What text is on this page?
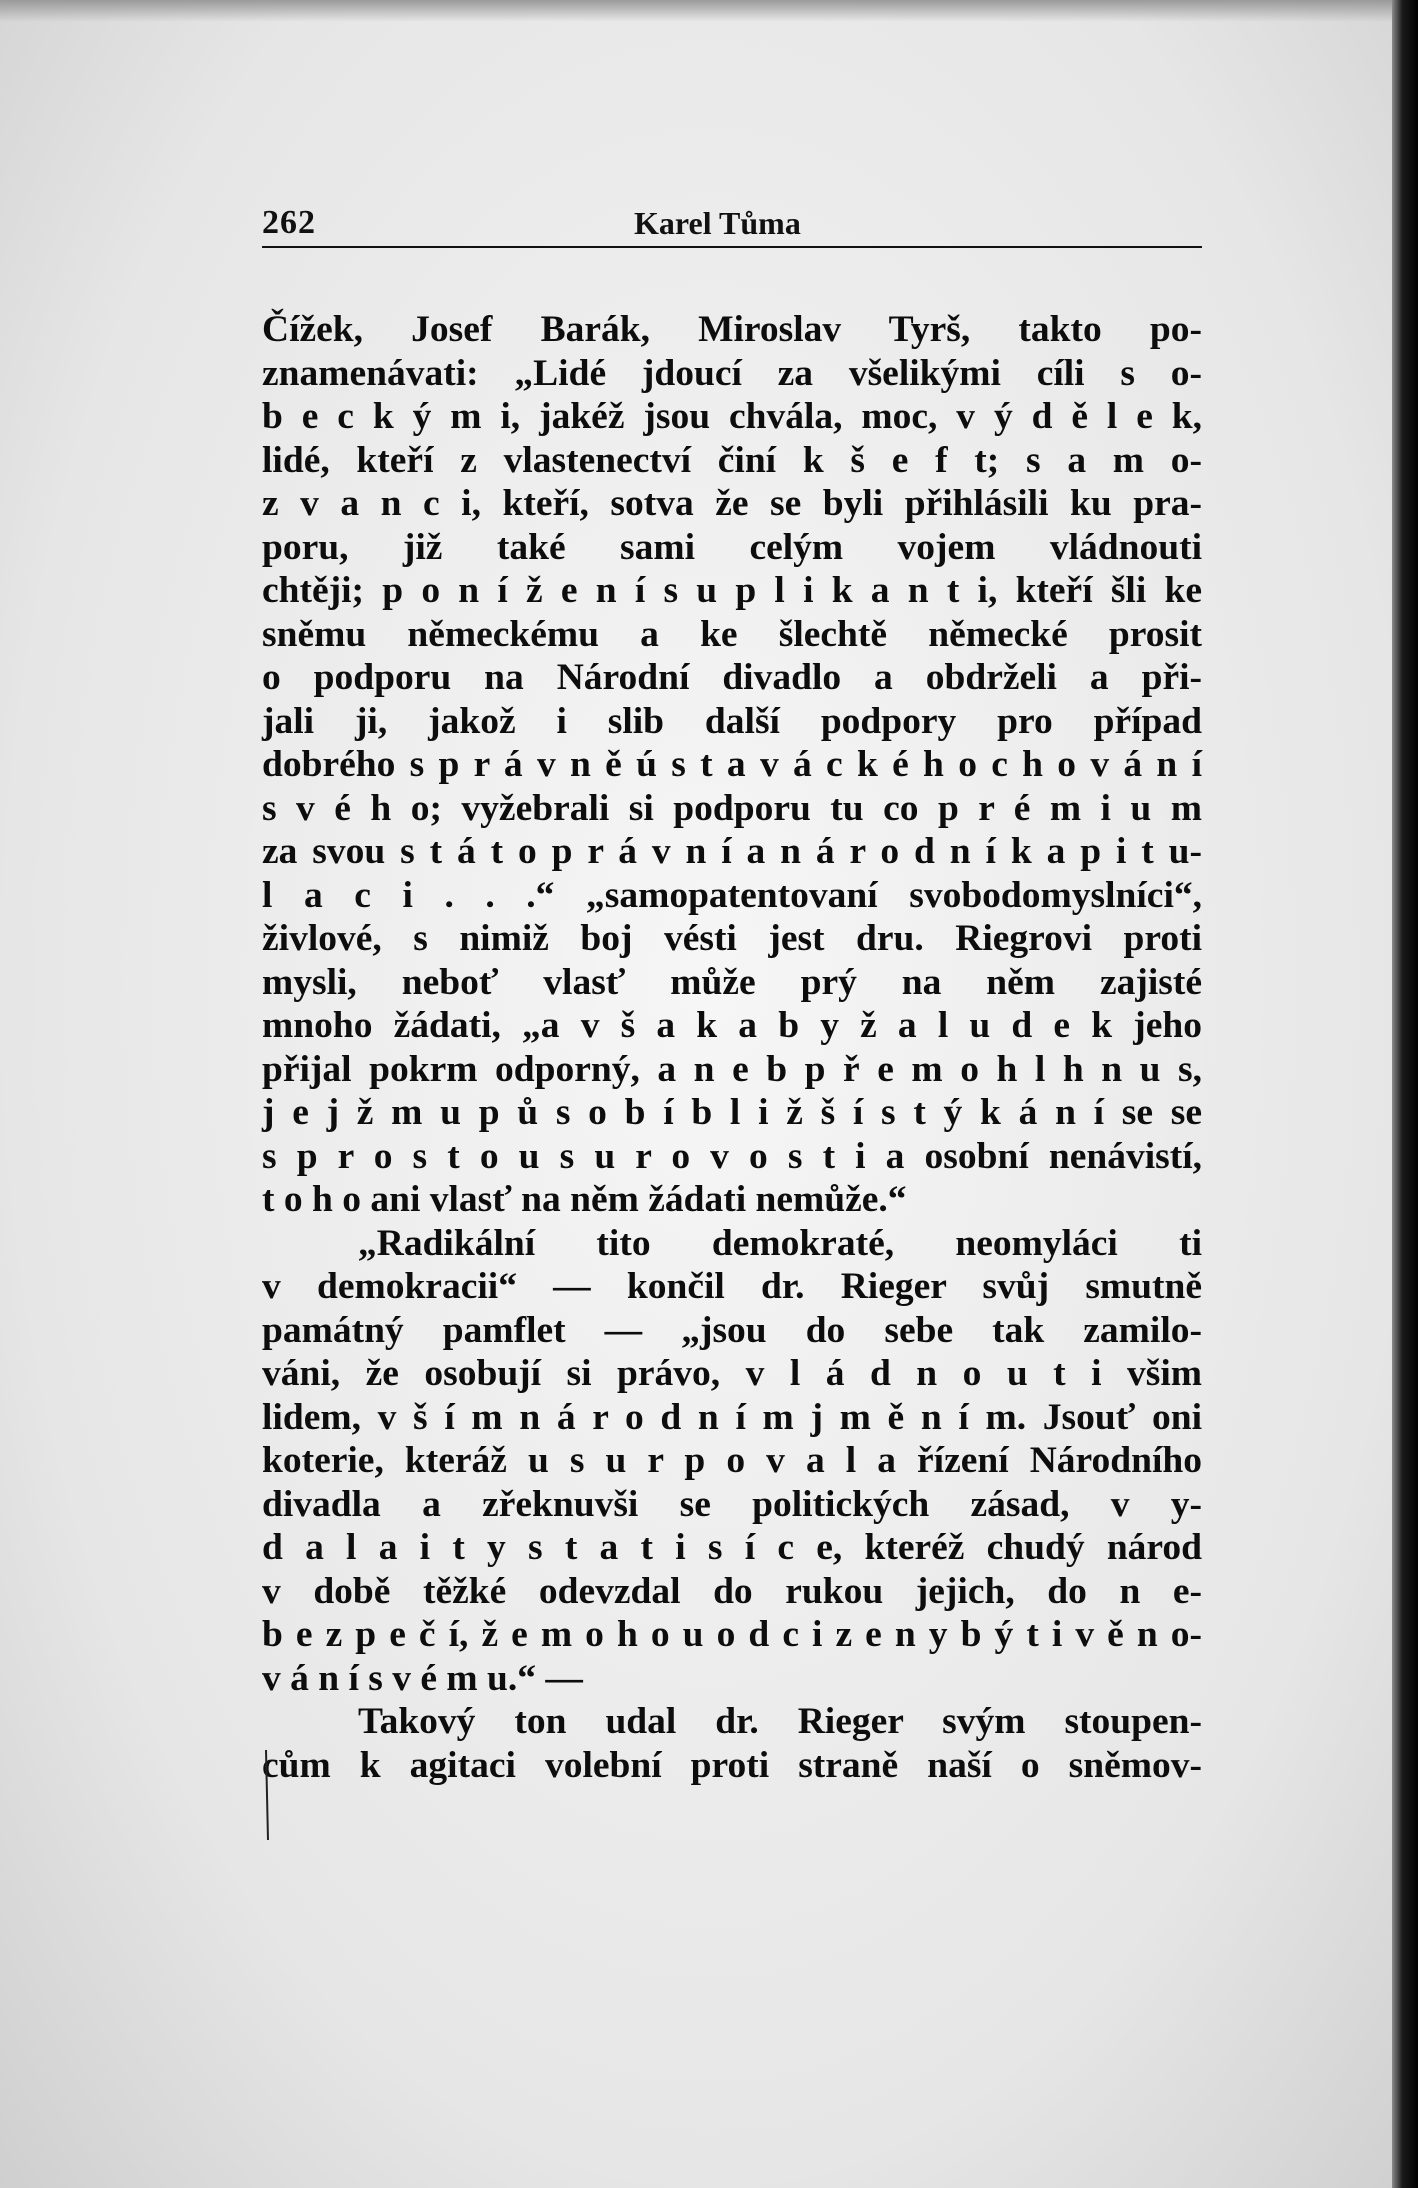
262	Karel Tůma
Čížek, Josef Barák, Miroslav Tyrš, takto po-
znamenávati: „Lidé jdoucí za všelikými cíli s o-
b e c k ý m i, jakéž jsou chvála, moc, v ý d ě l e k,
lidé, kteří z vlastenectví činí k š e f t; s a m o-
z v a n c i, kteří, sotva že se byli přihlásili ku pra-
poru, již také sami celým vojem vládnouti
chtěji; p o n í ž e n í s u p l i k a n t i, kteří šli ke
sněmu německému a ke šlechtě německé prosit
o podporu na Národní divadlo a obdrželi a při-
jali ji, jakož i slib další podpory pro případ
dobrého s p r á v n ě ú s t a v á c k é h o c h o v á n í
s v é h o; vyžebrali si podporu tu co p r é m i u m
za svou s t á t o p r á v n í a n á r o d n í k a p i t u-
l a c i . . .“ „samopatentovaní svobodomyslníci“,
živlové, s nimiž boj vésti jest dru. Riegrovi proti
mysli, neboť vlasť může prý na něm zajisté
mnoho žádati, „a v š a k a b y ž a l u d e k jeho
přijal pokrm odporný, a n e b p ř e m o h l h n u s,
j e j ž m u p ů s o b í b l i ž š í s t ý k á n í se se
s p r o s t o u s u r o v o s t i a osobní nenávistí,
t o h o ani vlasť na něm žádati nemůže.“
„Radikální tito demokraté, neomyláci ti
v demokracii“ — končil dr. Rieger svůj smutně
památný pamflet — „jsou do sebe tak zamilo-
váni, že osobují si právo, v l á d n o u t i všim
lidem, v š í m n á r o d n í m j m ě n í m. Jsouť oni
koterie, kteráž u s u r p o v a l a řízení Národního
divadla a zřeknuvši se politických zásad, v y-
d a l a i t y s t a t i s í c e, kteréž chudý národ
v době těžké odevzdal do rukou jejich, do n e-
b e z p e č í, ž e m o h o u o d c i z e n y b ý t i v ě n o-
v á n í s v é m u.“ —
Takový ton udal dr. Rieger svým stoupen-
cům k agitaci volební proti straně naší o sněmov-
